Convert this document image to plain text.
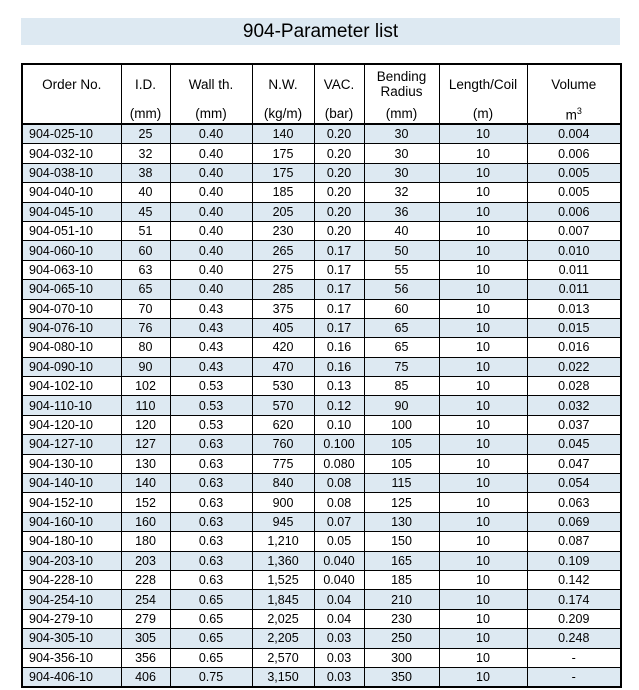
904-Parameter list
Order No.	I.D.	Wall th.	N.W.	VAC.	Bending Radius	Length/Coil	Volume
	(mm)	(mm)	(kg/m)	(bar)	(mm)	(m)	$m^3$
904-025-10	25	0.40	140	0.20	30	10	0.004
904-032-10	32	0.40	175	0.20	30	10	0.006
904-038-10	38	0.40	175	0.20	30	10	0.005
904-040-10	40	0.40	185	0.20	32	10	0.005
904-045-10	45	0.40	205	0.20	36	10	0.006
904-051-10	51	0.40	230	0.20	40	10	0.007
904-060-10	60	0.40	265	0.17	50	10	0.010
904-063-10	63	0.40	275	0.17	55	10	0.011
904-065-10	65	0.40	285	0.17	56	10	0.011
904-070-10	70	0.43	375	0.17	60	10	0.013
904-076-10	76	0.43	405	0.17	65	10	0.015
904-080-10	80	0.43	420	0.16	65	10	0.016
904-090-10	90	0.43	470	0.16	75	10	0.022
904-102-10	102	0.53	530	0.13	85	10	0.028
904-110-10	110	0.53	570	0.12	90	10	0.032
904-120-10	120	0.53	620	0.10	100	10	0.037
904-127-10	127	0.63	760	0.100	105	10	0.045
904-130-10	130	0.63	775	0.080	105	10	0.047
904-140-10	140	0.63	840	0.08	115	10	0.054
904-152-10	152	0.63	900	0.08	125	10	0.063
904-160-10	160	0.63	945	0.07	130	10	0.069
904-180-10	180	0.63	1,210	0.05	150	10	0.087
904-203-10	203	0.63	1,360	0.040	165	10	0.109
904-228-10	228	0.63	1,525	0.040	185	10	0.142
904-254-10	254	0.65	1,845	0.04	210	10	0.174
904-279-10	279	0.65	2,025	0.04	230	10	0.209
904-305-10	305	0.65	2,205	0.03	250	10	0.248
904-356-10	356	0.65	2,570	0.03	300	10	-
904-406-10	406	0.75	3,150	0.03	350	10	-
